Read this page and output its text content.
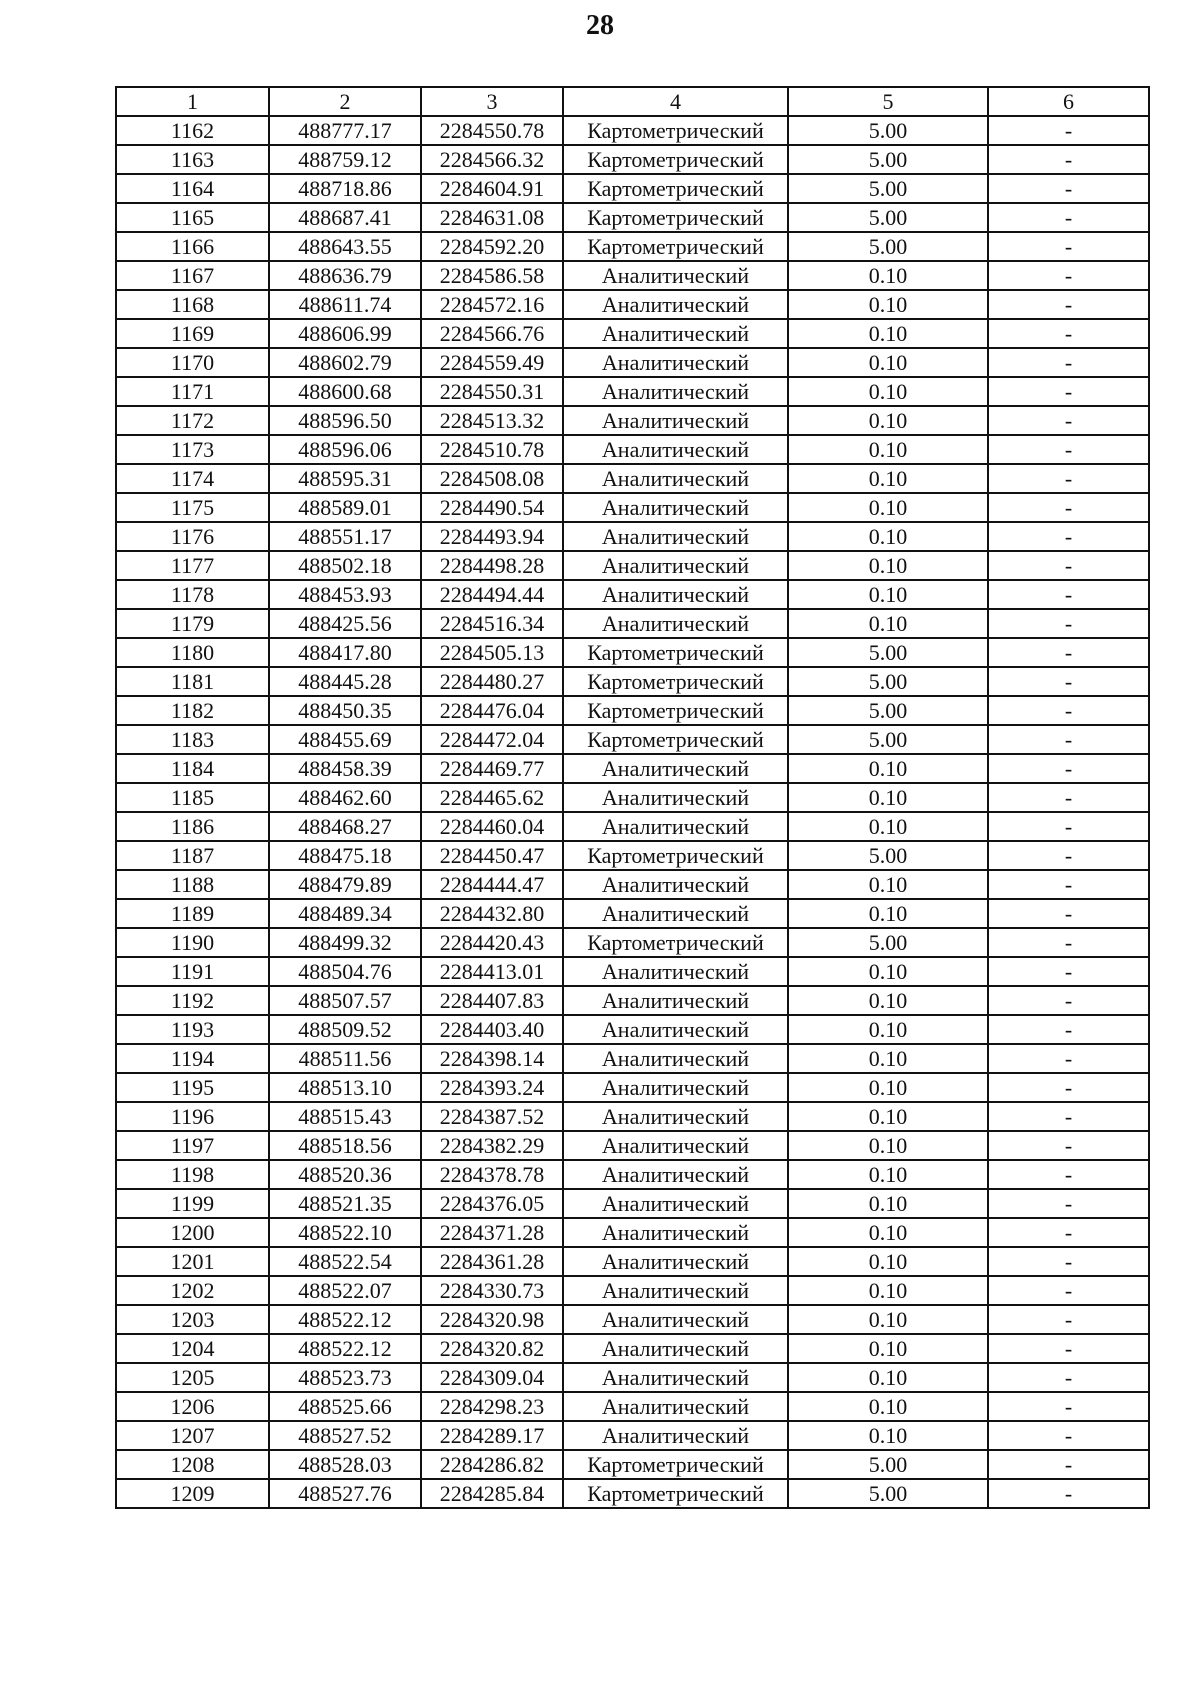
28
1	2	3	4	5	6
1162	488777.17	2284550.78	Картометрический	5.00	-
1163	488759.12	2284566.32	Картометрический	5.00	-
1164	488718.86	2284604.91	Картометрический	5.00	-
1165	488687.41	2284631.08	Картометрический	5.00	-
1166	488643.55	2284592.20	Картометрический	5.00	-
1167	488636.79	2284586.58	Аналитический	0.10	-
1168	488611.74	2284572.16	Аналитический	0.10	-
1169	488606.99	2284566.76	Аналитический	0.10	-
1170	488602.79	2284559.49	Аналитический	0.10	-
1171	488600.68	2284550.31	Аналитический	0.10	-
1172	488596.50	2284513.32	Аналитический	0.10	-
1173	488596.06	2284510.78	Аналитический	0.10	-
1174	488595.31	2284508.08	Аналитический	0.10	-
1175	488589.01	2284490.54	Аналитический	0.10	-
1176	488551.17	2284493.94	Аналитический	0.10	-
1177	488502.18	2284498.28	Аналитический	0.10	-
1178	488453.93	2284494.44	Аналитический	0.10	-
1179	488425.56	2284516.34	Аналитический	0.10	-
1180	488417.80	2284505.13	Картометрический	5.00	-
1181	488445.28	2284480.27	Картометрический	5.00	-
1182	488450.35	2284476.04	Картометрический	5.00	-
1183	488455.69	2284472.04	Картометрический	5.00	-
1184	488458.39	2284469.77	Аналитический	0.10	-
1185	488462.60	2284465.62	Аналитический	0.10	-
1186	488468.27	2284460.04	Аналитический	0.10	-
1187	488475.18	2284450.47	Картометрический	5.00	-
1188	488479.89	2284444.47	Аналитический	0.10	-
1189	488489.34	2284432.80	Аналитический	0.10	-
1190	488499.32	2284420.43	Картометрический	5.00	-
1191	488504.76	2284413.01	Аналитический	0.10	-
1192	488507.57	2284407.83	Аналитический	0.10	-
1193	488509.52	2284403.40	Аналитический	0.10	-
1194	488511.56	2284398.14	Аналитический	0.10	-
1195	488513.10	2284393.24	Аналитический	0.10	-
1196	488515.43	2284387.52	Аналитический	0.10	-
1197	488518.56	2284382.29	Аналитический	0.10	-
1198	488520.36	2284378.78	Аналитический	0.10	-
1199	488521.35	2284376.05	Аналитический	0.10	-
1200	488522.10	2284371.28	Аналитический	0.10	-
1201	488522.54	2284361.28	Аналитический	0.10	-
1202	488522.07	2284330.73	Аналитический	0.10	-
1203	488522.12	2284320.98	Аналитический	0.10	-
1204	488522.12	2284320.82	Аналитический	0.10	-
1205	488523.73	2284309.04	Аналитический	0.10	-
1206	488525.66	2284298.23	Аналитический	0.10	-
1207	488527.52	2284289.17	Аналитический	0.10	-
1208	488528.03	2284286.82	Картометрический	5.00	-
1209	488527.76	2284285.84	Картометрический	5.00	-
